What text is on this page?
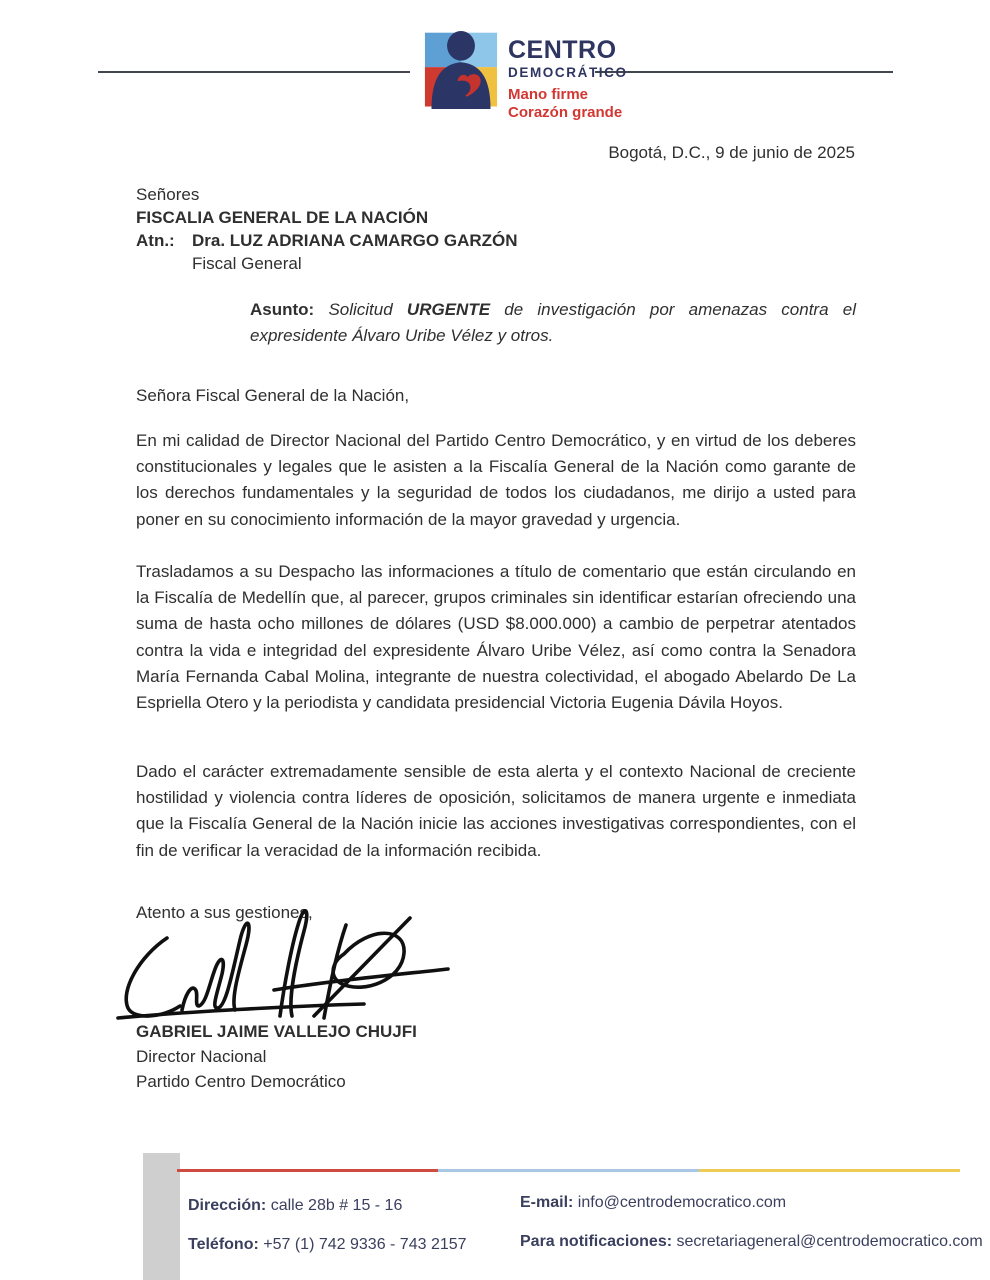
CENTRO
DEMOCRÁTICO
Mano firme
Corazón grande
Bogotá, D.C., 9 de junio de 2025
Señores
FISCALIA GENERAL DE LA NACIÓN
Atn.: Dra. LUZ ADRIANA CAMARGO GARZÓN
Fiscal General
Asunto: Solicitud URGENTE de investigación por amenazas contra el expresidente Álvaro Uribe Vélez y otros.
Señora Fiscal General de la Nación,
En mi calidad de Director Nacional del Partido Centro Democrático, y en virtud de los deberes constitucionales y legales que le asisten a la Fiscalía General de la Nación como garante de los derechos fundamentales y la seguridad de todos los ciudadanos, me dirijo a usted para poner en su conocimiento información de la mayor gravedad y urgencia.
Trasladamos a su Despacho las informaciones a título de comentario que están circulando en la Fiscalía de Medellín que, al parecer, grupos criminales sin identificar estarían ofreciendo una suma de hasta ocho millones de dólares (USD $8.000.000) a cambio de perpetrar atentados contra la vida e integridad del expresidente Álvaro Uribe Vélez, así como contra la Senadora María Fernanda Cabal Molina, integrante de nuestra colectividad, el abogado Abelardo De La Espriella Otero y la periodista y candidata presidencial Victoria Eugenia Dávila Hoyos.
Dado el carácter extremadamente sensible de esta alerta y el contexto Nacional de creciente hostilidad y violencia contra líderes de oposición, solicitamos de manera urgente e inmediata que la Fiscalía General de la Nación inicie las acciones investigativas correspondientes, con el fin de verificar la veracidad de la información recibida.
Atento a sus gestiones,
GABRIEL JAIME VALLEJO CHUJFI
Director Nacional
Partido Centro Democrático
Dirección: calle 28b # 15 - 16
Teléfono: +57 (1) 742 9336 - 743 2157
E-mail: info@centrodemocratico.com
Para notificaciones: secretariageneral@centrodemocratico.com
